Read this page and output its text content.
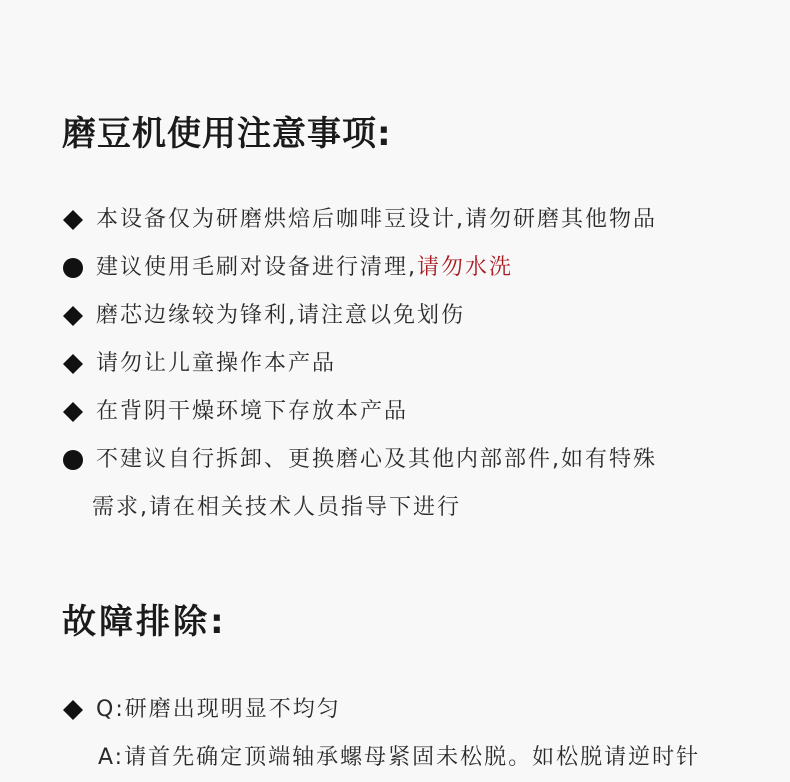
磨豆机使用注意事项:
本设备仅为研磨烘焙后咖啡豆设计,请勿研磨其他物品
建议使用毛刷对设备进行清理,请勿水洗
磨芯边缘较为锋利,请注意以免划伤
请勿让儿童操作本产品
在背阴干燥环境下存放本产品
不建议自行拆卸、更换磨心及其他内部部件,如有特殊
需求,请在相关技术人员指导下进行
故障排除:
Q:研磨出现明显不均匀
A:请首先确定顶端轴承螺母紧固未松脱。如松脱请逆时针
